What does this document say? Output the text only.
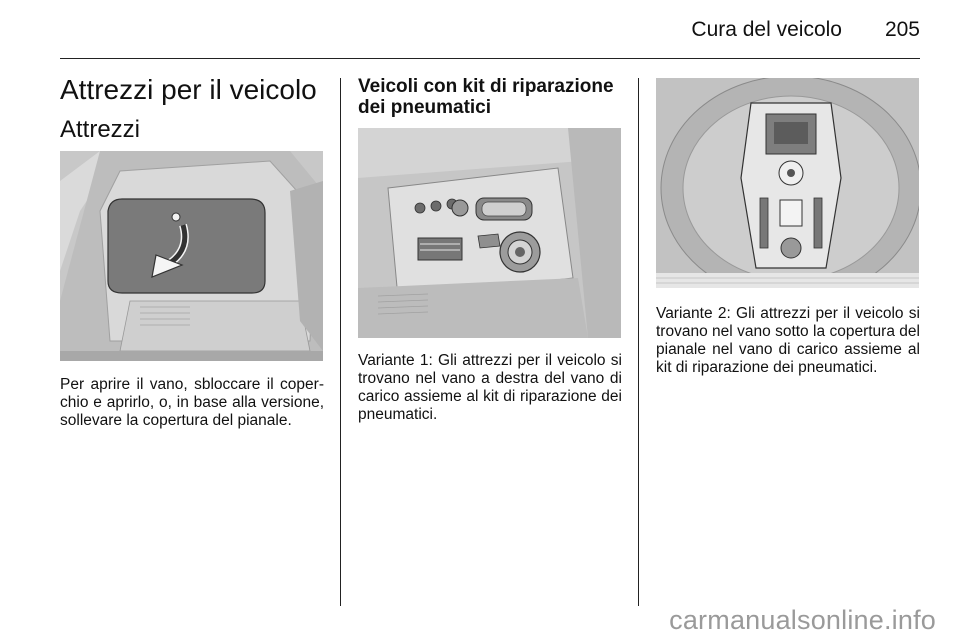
Cura del veicolo 205
Attrezzi per il veicolo
Attrezzi

Per aprire il vano, sbloccare il coperchio e aprirlo, o, in base alla versione, sollevare la copertura del pianale.

Veicoli con kit di riparazione dei pneumatici

Variante 1: Gli attrezzi per il veicolo si trovano nel vano a destra del vano di carico assieme al kit di riparazione dei pneumatici.

Variante 2: Gli attrezzi per il veicolo si trovano nel vano sotto la copertura del pianale nel vano di carico assieme al kit di riparazione dei pneumatici.

carmanualsonline.info
